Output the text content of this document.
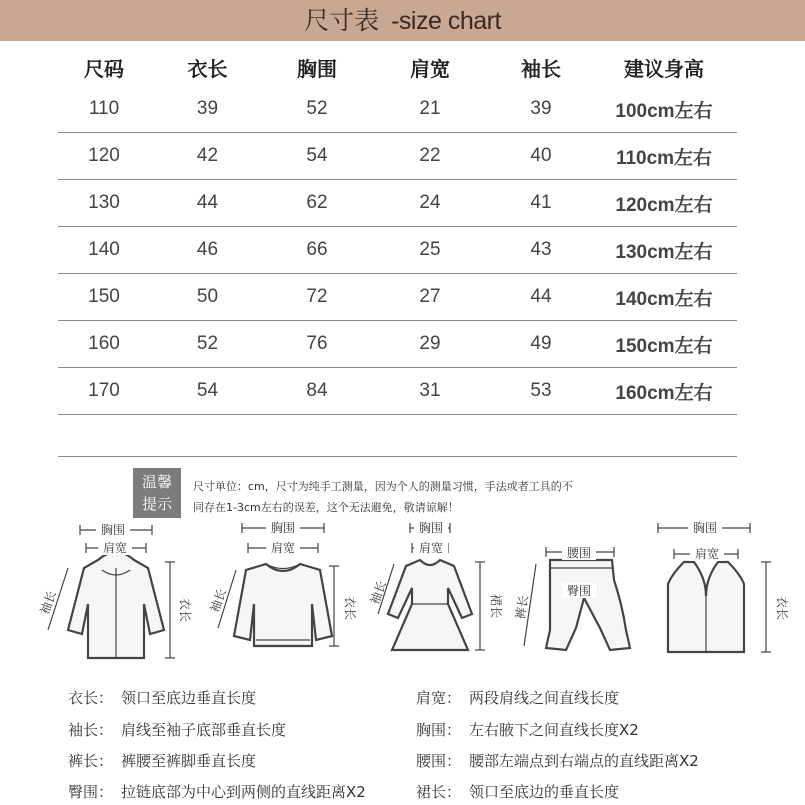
尺寸表 -size chart
尺码	衣长	胸围	肩宽	袖长	建议身高
110	39	52	21	39	100cm左右
120	42	54	22	40	110cm左右
130	44	62	24	41	120cm左右
140	46	66	25	43	130cm左右
150	50	72	27	44	140cm左右
160	52	76	29	49	150cm左右
170	54	84	31	53	160cm左右
温馨
提示
尺寸单位：cm，尺寸为纯手工测量，因为个人的测量习惯，手法或者工具的不
同存在1-3cm左右的误差，这个无法避免，敬请谅解！
胸围
肩宽
袖长	衣长
胸围
肩宽
袖长	衣长
胸围
肩宽
袖长	裙长
腰围
臀围
裤长
胸围
肩宽
衣长
衣长： 领口至底边垂直长度	肩宽： 两段肩线之间直线长度
袖长： 肩线至袖子底部垂直长度	胸围： 左右腋下之间直线长度X2
裤长： 裤腰至裤脚垂直长度	腰围： 腰部左端点到右端点的直线距离X2
臀围： 拉链底部为中心到两侧的直线距离X2	裙长： 领口至底边的垂直长度
